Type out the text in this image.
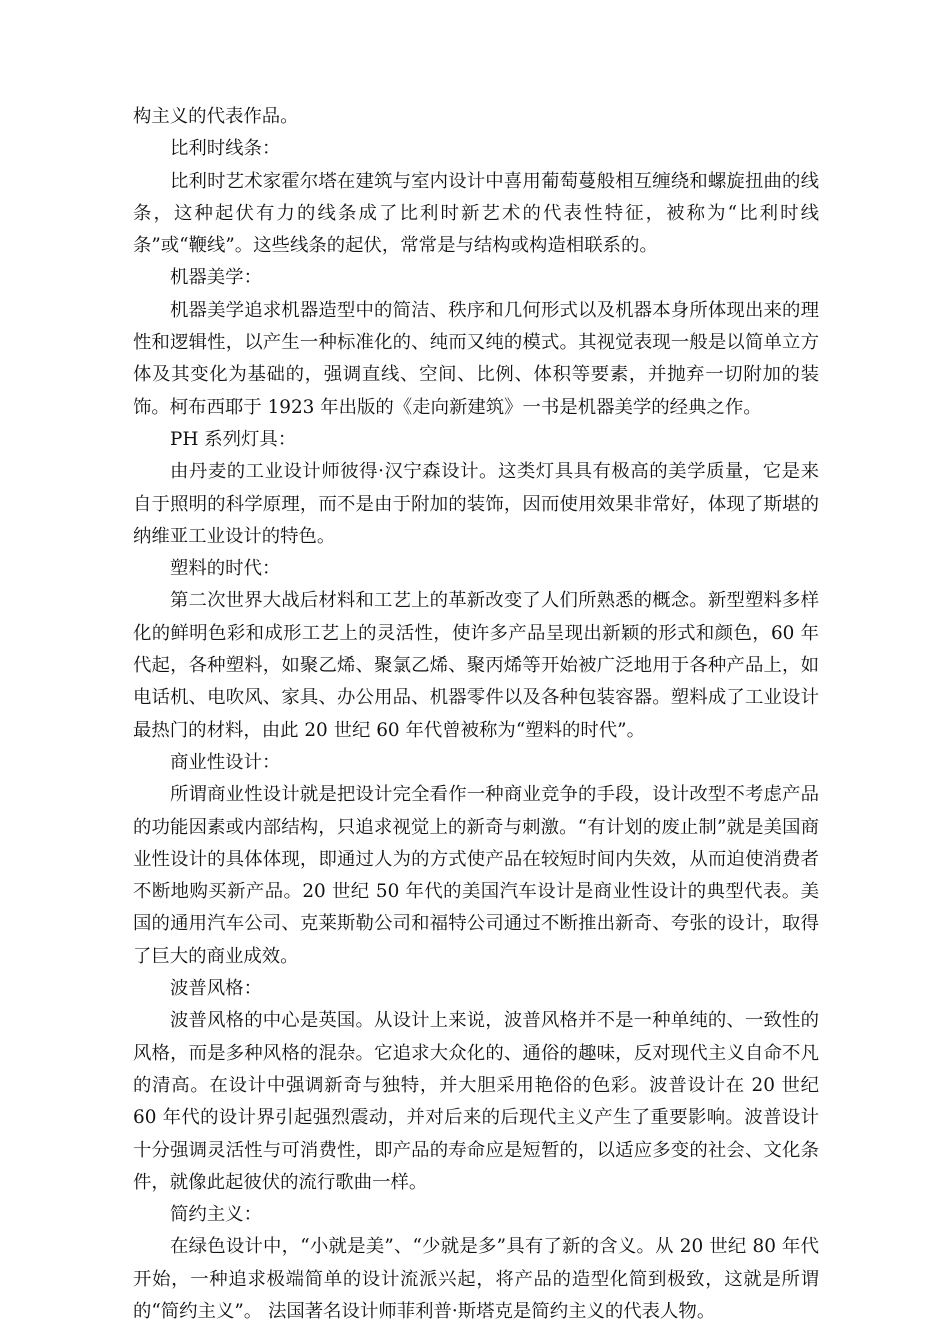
构主义的代表作品。

比利时线条：

比利时艺术家霍尔塔在建筑与室内设计中喜用葡萄蔓般相互缠绕和螺旋扭曲的线条，这种起伏有力的线条成了比利时新艺术的代表性特征，被称为“比利时线条”或“鞭线”。这些线条的起伏，常常是与结构或构造相联系的。

机器美学：

机器美学追求机器造型中的简洁、秩序和几何形式以及机器本身所体现出来的理性和逻辑性，以产生一种标准化的、纯而又纯的模式。其视觉表现一般是以简单立方体及其变化为基础的，强调直线、空间、比例、体积等要素，并抛弃一切附加的装饰。柯布西耶于 1923 年出版的《走向新建筑》一书是机器美学的经典之作。

PH 系列灯具：

由丹麦的工业设计师彼得·汉宁森设计。这类灯具具有极高的美学质量，它是来自于照明的科学原理，而不是由于附加的装饰，因而使用效果非常好，体现了斯堪的纳维亚工业设计的特色。

塑料的时代：

第二次世界大战后材料和工艺上的革新改变了人们所熟悉的概念。新型塑料多样化的鲜明色彩和成形工艺上的灵活性，使许多产品呈现出新颖的形式和颜色，60 年代起，各种塑料，如聚乙烯、聚氯乙烯、聚丙烯等开始被广泛地用于各种产品上，如电话机、电吹风、家具、办公用品、机器零件以及各种包装容器。塑料成了工业设计最热门的材料，由此 20 世纪 60 年代曾被称为“塑料的时代”。

商业性设计：

所谓商业性设计就是把设计完全看作一种商业竞争的手段，设计改型不考虑产品的功能因素或内部结构，只追求视觉上的新奇与刺激。“有计划的废止制”就是美国商业性设计的具体体现，即通过人为的方式使产品在较短时间内失效，从而迫使消费者不断地购买新产品。20 世纪 50 年代的美国汽车设计是商业性设计的典型代表。美国的通用汽车公司、克莱斯勒公司和福特公司通过不断推出新奇、夸张的设计，取得了巨大的商业成效。

波普风格：

波普风格的中心是英国。从设计上来说，波普风格并不是一种单纯的、一致性的风格，而是多种风格的混杂。它追求大众化的、通俗的趣味，反对现代主义自命不凡的清高。在设计中强调新奇与独特，并大胆采用艳俗的色彩。波普设计在 20 世纪 60 年代的设计界引起强烈震动，并对后来的后现代主义产生了重要影响。波普设计十分强调灵活性与可消费性，即产品的寿命应是短暂的，以适应多变的社会、文化条件，就像此起彼伏的流行歌曲一样。

简约主义：

在绿色设计中，“小就是美”、“少就是多”具有了新的含义。从 20 世纪 80 年代开始，一种追求极端简单的设计流派兴起，将产品的造型化简到极致，这就是所谓的“简约主义”。 法国著名设计师菲利普·斯塔克是简约主义的代表人物。
